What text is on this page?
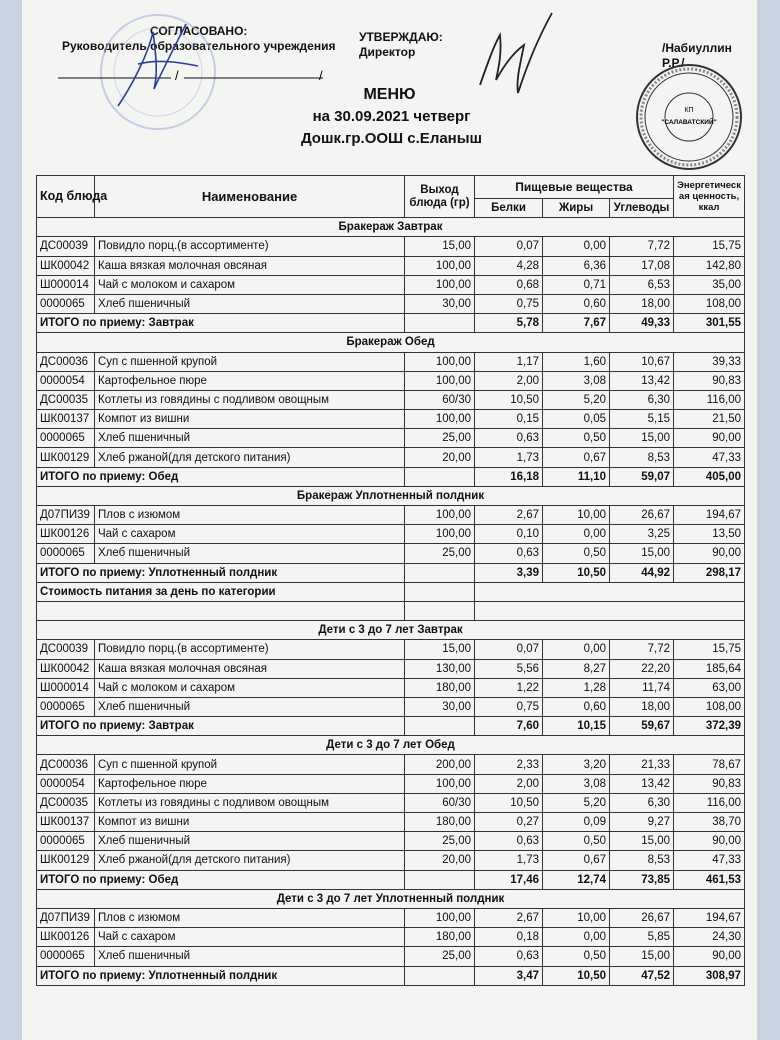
СОГЛАСОВАНО:
Руководитель образовательного учреждения
УТВЕРЖДАЮ:
Директор	/Набиуллин Р.Р./
/	/
КП
"САЛАВАТСКИЙ"
МЕНЮ
на 30.09.2021 четверг
Дошк.гр.ООШ с.Еланыш
Код блюда	Наименование	Выход блюда (гр)	Пищевые вещества			Энергетическ ая ценность, ккал
			Белки	Жиры	Углеводы	
Бракераж Завтрак						
ДС00039	Повидло порц.(в ассортименте)	15,00	0,07	0,00	7,72	15,75
ШК00042	Каша вязкая молочная овсяная	100,00	4,28	6,36	17,08	142,80
Ш000014	Чай с молоком и сахаром	100,00	0,68	0,71	6,53	35,00
0000065	Хлеб пшеничный	30,00	0,75	0,60	18,00	108,00
ИТОГО по приему: Завтрак			5,78	7,67	49,33	301,55
Бракераж Обед						
ДС00036	Суп с пшенной крупой	100,00	1,17	1,60	10,67	39,33
0000054	Картофельное пюре	100,00	2,00	3,08	13,42	90,83
ДС00035	Котлеты из говядины с подливом овощным	60/30	10,50	5,20	6,30	116,00
ШК00137	Компот из вишни	100,00	0,15	0,05	5,15	21,50
0000065	Хлеб пшеничный	25,00	0,63	0,50	15,00	90,00
ШК00129	Хлеб ржаной(для детского питания)	20,00	1,73	0,67	8,53	47,33
ИТОГО по приему: Обед			16,18	11,10	59,07	405,00
Бракераж Уплотненный полдник						
Д07ПИ39	Плов с изюмом	100,00	2,67	10,00	26,67	194,67
ШК00126	Чай с сахаром	100,00	0,10	0,00	3,25	13,50
0000065	Хлеб пшеничный	25,00	0,63	0,50	15,00	90,00
ИТОГО по приему: Уплотненный полдник			3,39	10,50	44,92	298,17
Стоимость питания за день по категории						

Дети с 3 до 7 лет Завтрак						
ДС00039	Повидло порц.(в ассортименте)	15,00	0,07	0,00	7,72	15,75
ШК00042	Каша вязкая молочная овсяная	130,00	5,56	8,27	22,20	185,64
Ш000014	Чай с молоком и сахаром	180,00	1,22	1,28	11,74	63,00
0000065	Хлеб пшеничный	30,00	0,75	0,60	18,00	108,00
ИТОГО по приему: Завтрак			7,60	10,15	59,67	372,39
Дети с 3 до 7 лет Обед						
ДС00036	Суп с пшенной крупой	200,00	2,33	3,20	21,33	78,67
0000054	Картофельное пюре	100,00	2,00	3,08	13,42	90,83
ДС00035	Котлеты из говядины с подливом овощным	60/30	10,50	5,20	6,30	116,00
ШК00137	Компот из вишни	180,00	0,27	0,09	9,27	38,70
0000065	Хлеб пшеничный	25,00	0,63	0,50	15,00	90,00
ШК00129	Хлеб ржаной(для детского питания)	20,00	1,73	0,67	8,53	47,33
ИТОГО по приему: Обед			17,46	12,74	73,85	461,53
Дети с 3 до 7 лет Уплотненный полдник						
Д07ПИ39	Плов с изюмом	100,00	2,67	10,00	26,67	194,67
ШК00126	Чай с сахаром	180,00	0,18	0,00	5,85	24,30
0000065	Хлеб пшеничный	25,00	0,63	0,50	15,00	90,00
ИТОГО по приему: Уплотненный полдник			3,47	10,50	47,52	308,97
